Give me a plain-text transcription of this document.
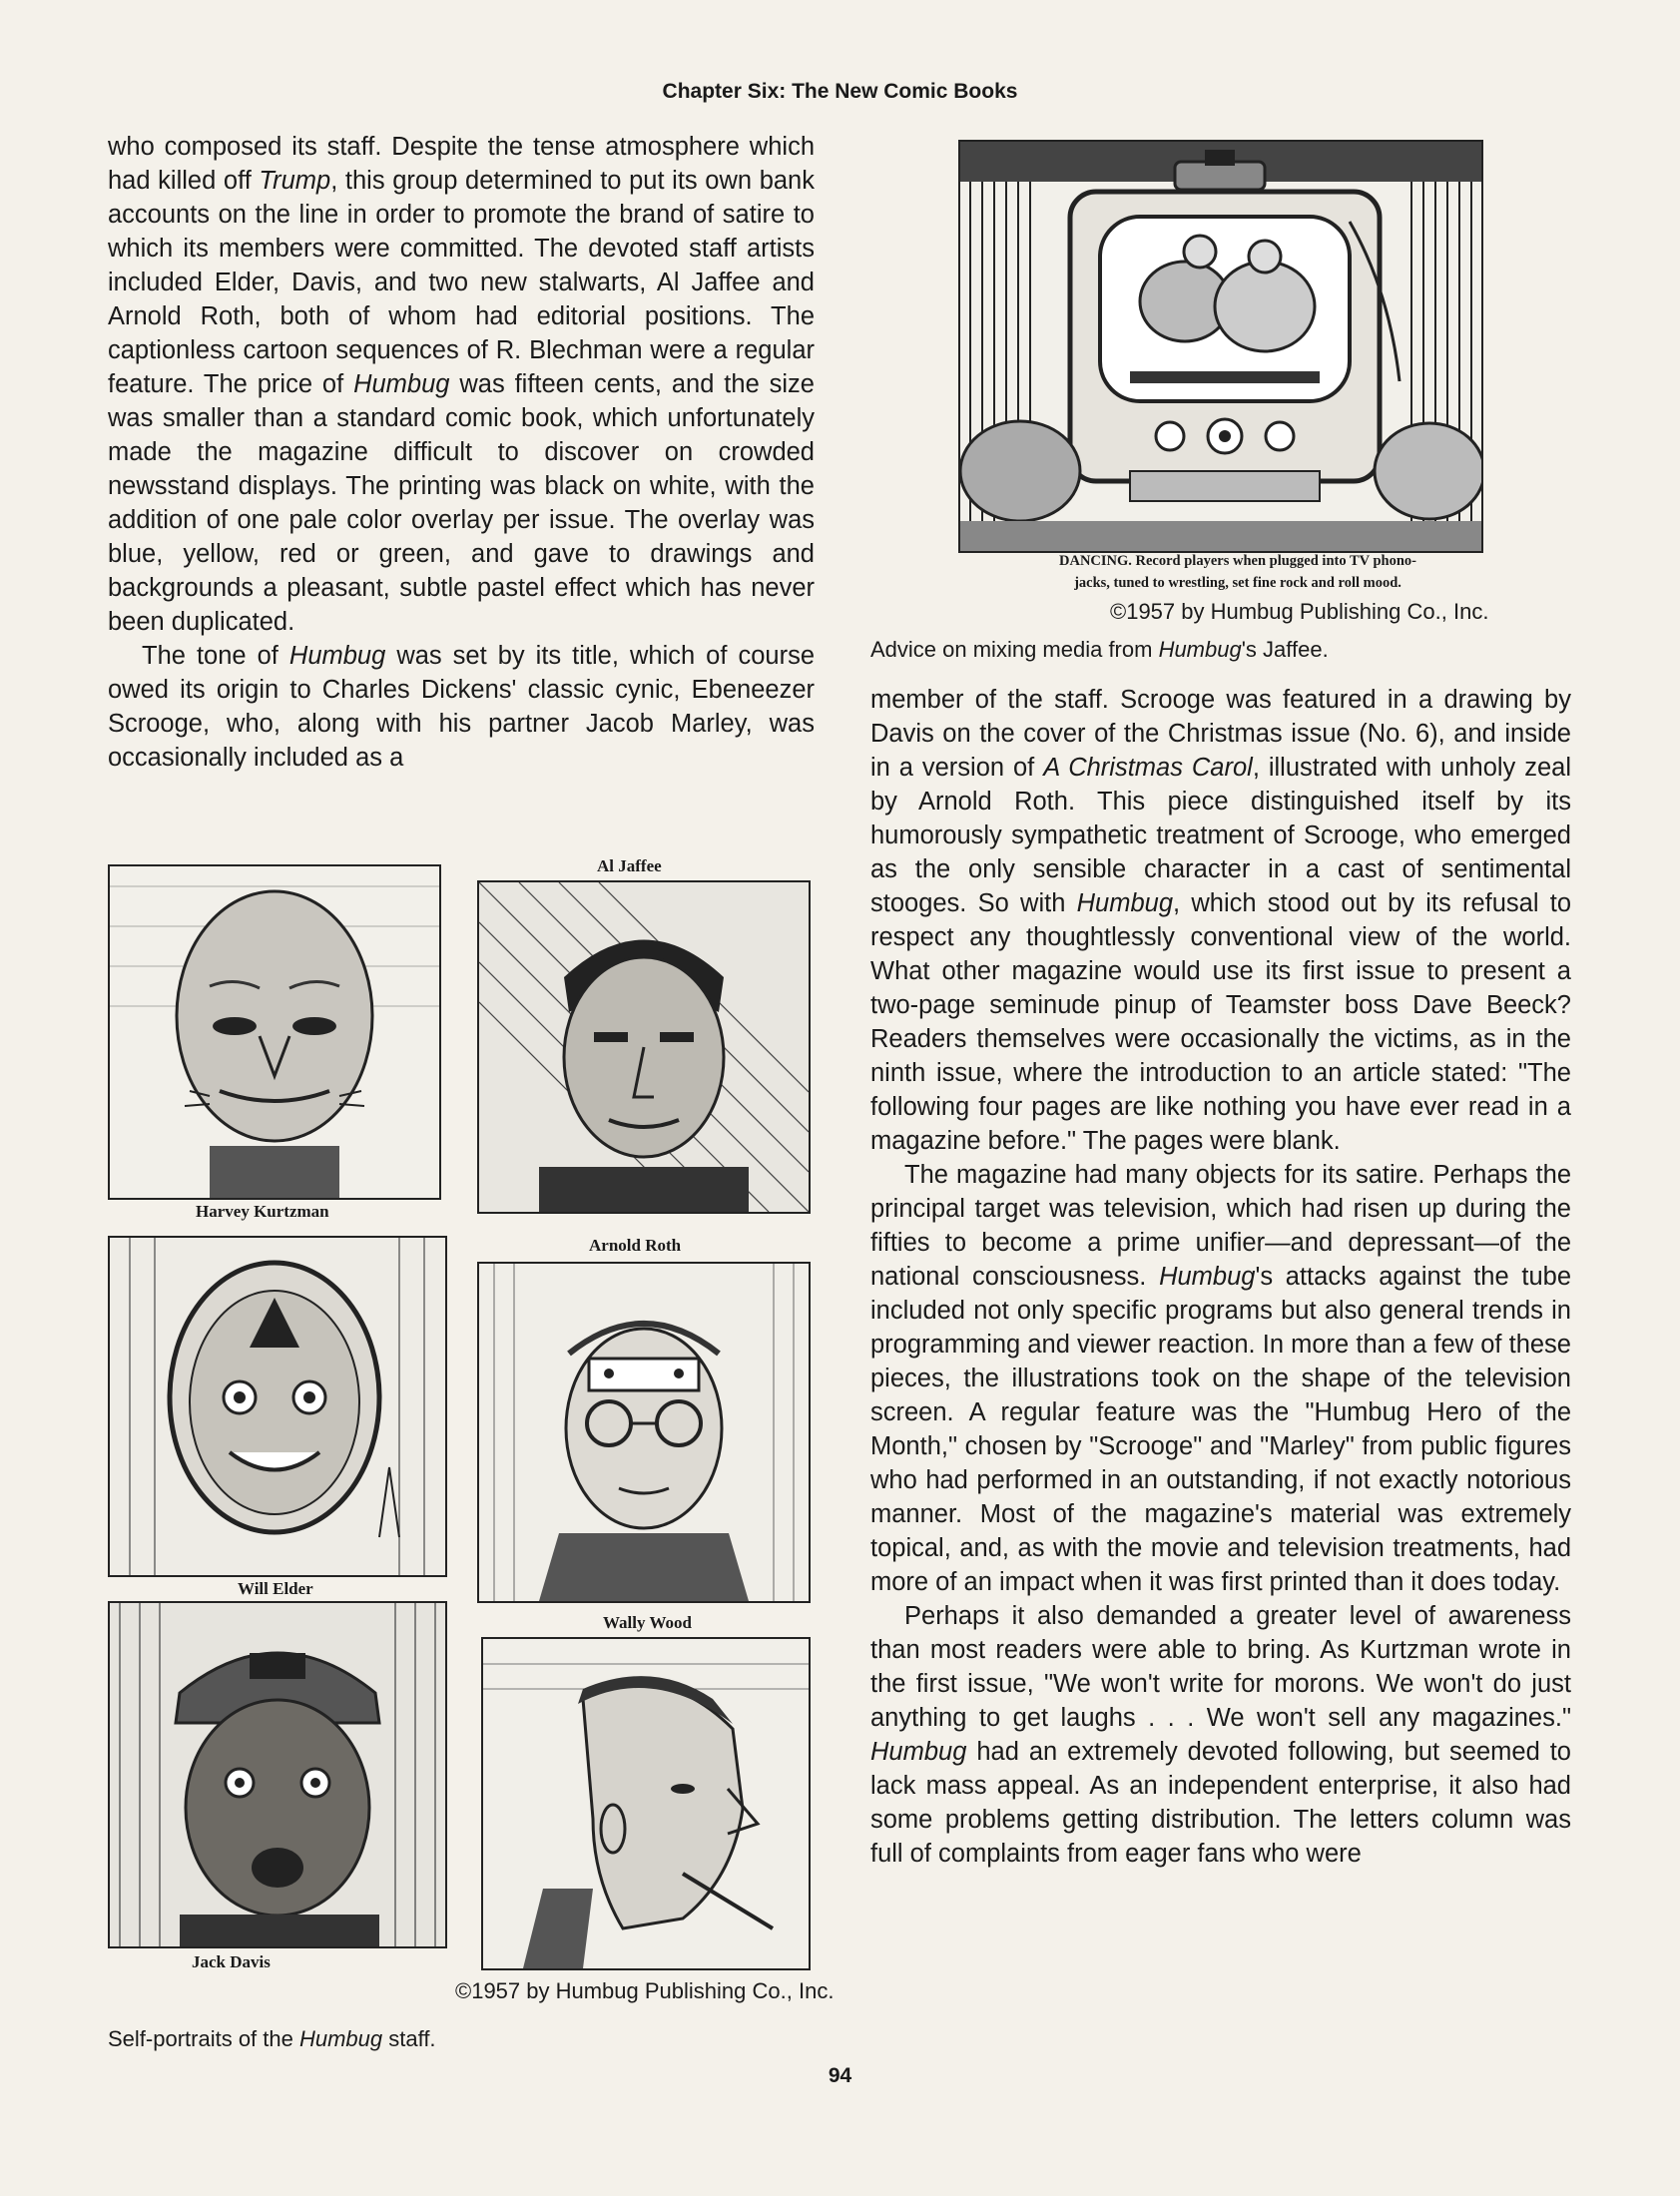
Chapter Six: The New Comic Books

who composed its staff. Despite the tense atmosphere which had killed off Trump, this group determined to put its own bank accounts on the line in order to promote the brand of satire to which its members were committed. The devoted staff artists included Elder, Davis, and two new stalwarts, Al Jaffee and Arnold Roth, both of whom had editorial positions. The captionless cartoon sequences of R. Blechman were a regular feature. The price of Humbug was fifteen cents, and the size was smaller than a standard comic book, which unfortunately made the magazine difficult to discover on crowded newsstand displays. The printing was black on white, with the addition of one pale color overlay per issue. The overlay was blue, yellow, red or green, and gave to drawings and backgrounds a pleasant, subtle pastel effect which has never been duplicated.

The tone of Humbug was set by its title, which of course owed its origin to Charles Dickens' classic cynic, Ebeneezer Scrooge, who, along with his partner Jacob Marley, was occasionally included as a

Harvey Kurtzman
Al Jaffee
Will Elder
Arnold Roth
Jack Davis
Wally Wood
©1957 by Humbug Publishing Co., Inc.
Self-portraits of the Humbug staff.
DANCING. Record players when plugged into TV phono-
jacks, tuned to wrestling, set fine rock and roll mood.
©1957 by Humbug Publishing Co., Inc.
Advice on mixing media from Humbug's Jaffee.

member of the staff. Scrooge was featured in a drawing by Davis on the cover of the Christmas issue (No. 6), and inside in a version of A Christmas Carol, illustrated with unholy zeal by Arnold Roth. This piece distinguished itself by its humorously sympathetic treatment of Scrooge, who emerged as the only sensible character in a cast of sentimental stooges. So with Humbug, which stood out by its refusal to respect any thoughtlessly conventional view of the world. What other magazine would use its first issue to present a two-page seminude pinup of Teamster boss Dave Beeck? Readers themselves were occasionally the victims, as in the ninth issue, where the introduction to an article stated: "The following four pages are like nothing you have ever read in a magazine before." The pages were blank.

The magazine had many objects for its satire. Perhaps the principal target was television, which had risen up during the fifties to become a prime unifier—and depressant—of the national consciousness. Humbug's attacks against the tube included not only specific programs but also general trends in programming and viewer reaction. In more than a few of these pieces, the illustrations took on the shape of the television screen. A regular feature was the "Humbug Hero of the Month," chosen by "Scrooge" and "Marley" from public figures who had performed in an outstanding, if not exactly notorious manner. Most of the magazine's material was extremely topical, and, as with the movie and television treatments, had more of an impact when it was first printed than it does today.

Perhaps it also demanded a greater level of awareness than most readers were able to bring. As Kurtzman wrote in the first issue, "We won't write for morons. We won't do just anything to get laughs . . . We won't sell any magazines." Humbug had an extremely devoted following, but seemed to lack mass appeal. As an independent enterprise, it also had some problems getting distribution. The letters column was full of complaints from eager fans who were

94
